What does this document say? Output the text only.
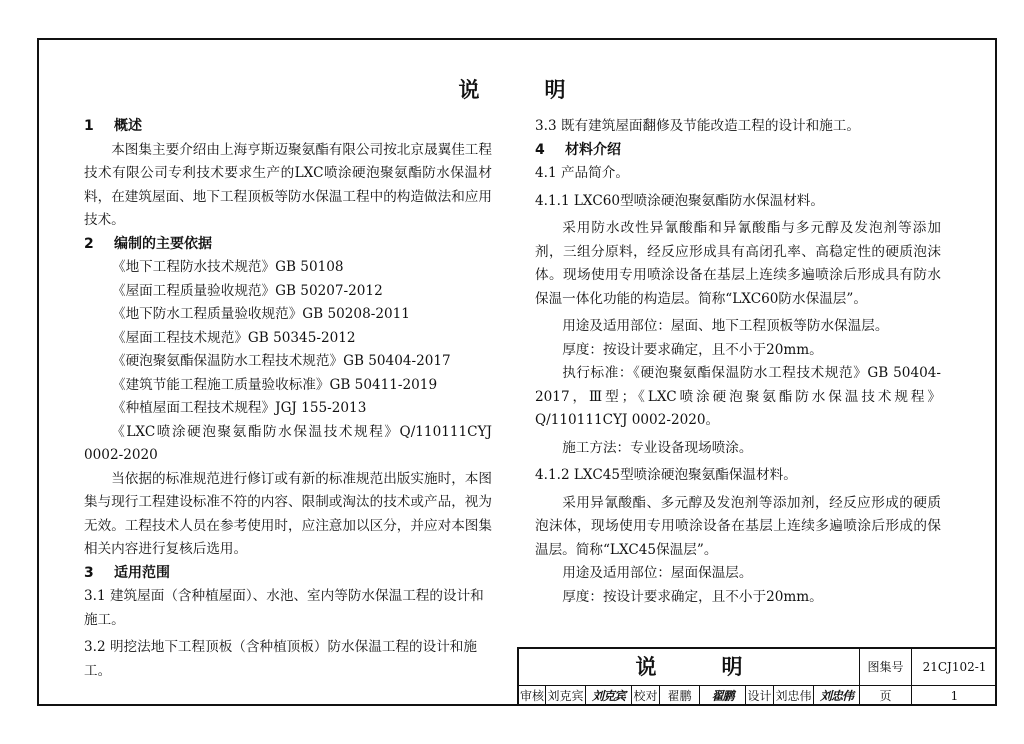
说　明
1 概述
本图集主要介绍由上海亨斯迈聚氨酯有限公司按北京晟翼佳工程技术有限公司专利技术要求生产的LXC喷涂硬泡聚氨酯防水保温材料，在建筑屋面、地下工程顶板等防水保温工程中的构造做法和应用技术。
2 编制的主要依据
《地下工程防水技术规范》GB 50108
《屋面工程质量验收规范》GB 50207-2012
《地下防水工程质量验收规范》GB 50208-2011
《屋面工程技术规范》GB 50345-2012
《硬泡聚氨酯保温防水工程技术规范》GB 50404-2017
《建筑节能工程施工质量验收标准》GB 50411-2019
《种植屋面工程技术规程》JGJ 155-2013
《LXC喷涂硬泡聚氨酯防水保温技术规程》Q/110111CYJ 0002-2020
当依据的标准规范进行修订或有新的标准规范出版实施时，本图集与现行工程建设标准不符的内容、限制或淘汰的技术或产品，视为无效。工程技术人员在参考使用时，应注意加以区分，并应对本图集相关内容进行复核后选用。
3 适用范围
3.1 建筑屋面（含种植屋面）、水池、室内等防水保温工程的设计和施工。
3.2 明挖法地下工程顶板（含种植顶板）防水保温工程的设计和施工。
3.3 既有建筑屋面翻修及节能改造工程的设计和施工。
4 材料介绍
4.1 产品简介。
4.1.1 LXC60型喷涂硬泡聚氨酯防水保温材料。
采用防水改性异氰酸酯和异氰酸酯与多元醇及发泡剂等添加剂，三组分原料，经反应形成具有高闭孔率、高稳定性的硬质泡沫体。现场使用专用喷涂设备在基层上连续多遍喷涂后形成具有防水保温一体化功能的构造层。简称“LXC60防水保温层”。
用途及适用部位：屋面、地下工程顶板等防水保温层。
厚度：按设计要求确定，且不小于20mm。
执行标准：《硬泡聚氨酯保温防水工程技术规范》GB 50404-2017，Ⅲ型；《LXC喷涂硬泡聚氨酯防水保温技术规程》Q/110111CYJ 0002-2020。
施工方法：专业设备现场喷涂。
4.1.2 LXC45型喷涂硬泡聚氨酯保温材料。
采用异氰酸酯、多元醇及发泡剂等添加剂，经反应形成的硬质泡沫体，现场使用专用喷涂设备在基层上连续多遍喷涂后形成的保温层。简称“LXC45保温层”。
用途及适用部位：屋面保温层。
厚度：按设计要求确定，且不小于20mm。
说　明	图集号	21CJ102-1
审核 刘克宾 刘克宾 校对 翟鹏	翟鹏	设计 刘忠伟 刘忠伟	页	1
